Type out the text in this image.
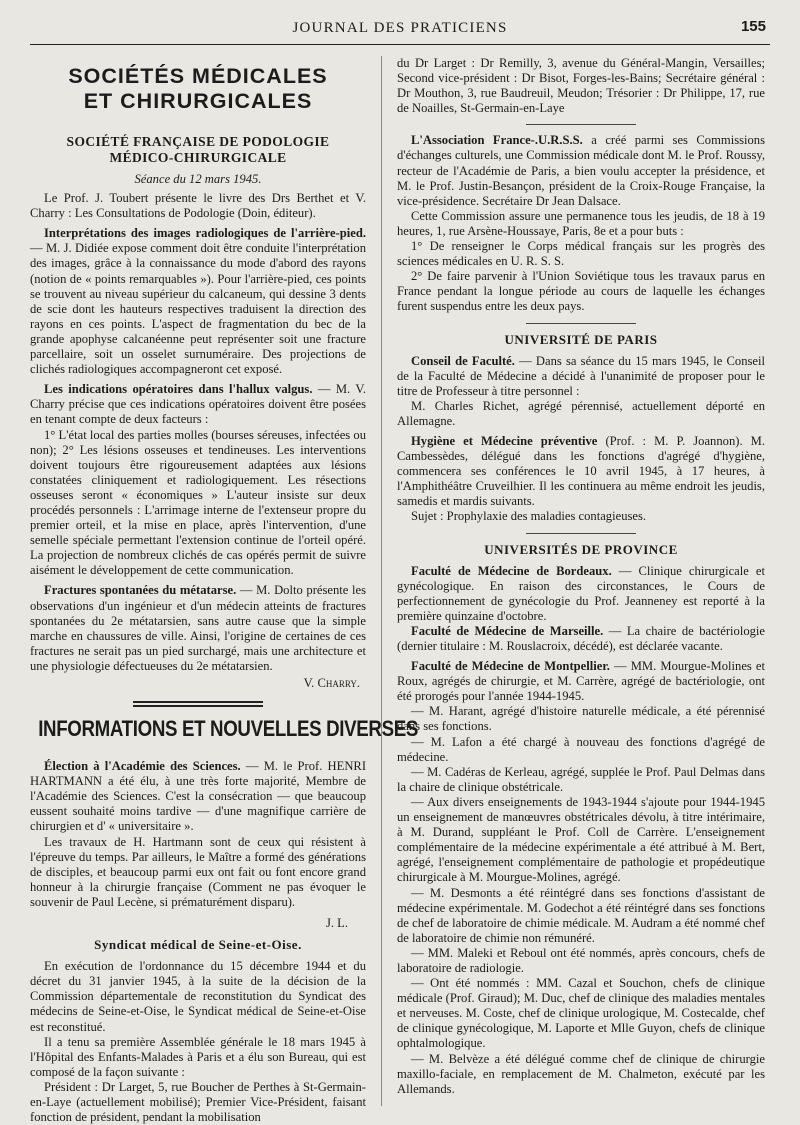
JOURNAL DES PRATICIENS	155
SOCIÉTÉS MÉDICALES
ET CHIRURGICALES
SOCIÉTÉ FRANÇAISE DE PODOLOGIE
MÉDICO-CHIRURGICALE
Séance du 12 mars 1945.

Le Prof. J. Toubert présente le livre des Drs Berthet et V. Charry : Les Consultations de Podologie (Doin, éditeur).

Interprétations des images radiologiques de l'arrière-pied. — M. J. Didiée expose comment doit être conduite l'interprétation des images, grâce à la connaissance du mode d'abord des rayons (notion de « points remarquables »). Pour l'arrière-pied, ces points se trouvent au niveau supérieur du calcaneum, qui dessine 3 dents de scie dont les hauteurs respectives traduisent la direction des rayons en ces points. L'aspect de fragmentation du bec de la grande apophyse calcanéenne peut représenter soit une fracture parcellaire, soit un osselet surnuméraire. Des projections de clichés radiologiques accompagneront cet exposé.

Les indications opératoires dans l'hallux valgus. — M. V. Charry précise que ces indications opératoires doivent être posées en tenant compte de deux facteurs :

1° L'état local des parties molles (bourses séreuses, infectées ou non); 2° Les lésions osseuses et tendineuses. Les interventions doivent toujours être rigoureusement adaptées aux lésions constatées cliniquement et radiologiquement. Les résections osseuses seront « économiques » L'auteur insiste sur deux procédés personnels : L'arrimage interne de l'extenseur propre du premier orteil, et la mise en place, après l'intervention, d'une semelle spéciale permettant l'extension continue de l'orteil opéré. La projection de nombreux clichés de cas opérés permit de suivre aisément le développement de cette communication.

Fractures spontanées du métatarse. — M. Dolto présente les observations d'un ingénieur et d'un médecin atteints de fractures spontanées du 2e métatarsien, sans autre cause que la simple marche en chaussures de ville. Ainsi, l'origine de certaines de ces fractures ne serait pas un pied surchargé, mais une architecture et une physiologie défectueuses du 2e métatarsien.

V. Charry.
INFORMATIONS ET NOUVELLES DIVERSES

Élection à l'Académie des Sciences. — M. le Prof. HENRI HARTMANN a été élu, à une très forte majorité, Membre de l'Académie des Sciences. C'est la consécration — que beaucoup eussent souhaité moins tardive — d'une magnifique carrière de chirurgien et d' « universitaire ».

Les travaux de H. Hartmann sont de ceux qui résistent à l'épreuve du temps. Par ailleurs, le Maître a formé des générations de disciples, et beaucoup parmi eux ont fait ou font encore grand honneur à la chirurgie française (Comment ne pas évoquer le souvenir de Paul Lecène, si prématurément disparu).

J. L.
Syndicat médical de Seine-et-Oise.

En exécution de l'ordonnance du 15 décembre 1944 et du décret du 31 janvier 1945, à la suite de la décision de la Commission départementale de reconstitution du Syndicat des médecins de Seine-et-Oise, le Syndicat médical de Seine-et-Oise est reconstitué.

Il a tenu sa première Assemblée générale le 18 mars 1945 à l'Hôpital des Enfants-Malades à Paris et a élu son Bureau, qui est composé de la façon suivante :

Président : Dr Larget, 5, rue Boucher de Perthes à St-Germain-en-Laye (actuellement mobilisé); Premier Vice-Président, faisant fonction de président, pendant la mobilisation

du Dr Larget : Dr Remilly, 3, avenue du Général-Mangin, Versailles; Second vice-président : Dr Bisot, Forges-les-Bains; Secrétaire général : Dr Mouthon, 3, rue Baudreuil, Meudon; Trésorier : Dr Philippe, 17, rue de Noailles, St-Germain-en-Laye

L'Association France-.U.R.S.S. a créé parmi ses Commissions d'échanges culturels, une Commission médicale dont M. le Prof. Roussy, recteur de l'Académie de Paris, a bien voulu accepter la présidence, et M. le Prof. Justin-Besançon, président de la Croix-Rouge Française, la vice-présidence. Secrétaire Dr Jean Dalsace.

Cette Commission assure une permanence tous les jeudis, de 18 à 19 heures, 1, rue Arsène-Houssaye, Paris, 8e et a pour buts :

1° De renseigner le Corps médical français sur les progrès des sciences médicales en U. R. S. S.

2° De faire parvenir à l'Union Soviétique tous les travaux parus en France pendant la longue période au cours de laquelle les échanges furent suspendus entre les deux pays.

UNIVERSITÉ DE PARIS

Conseil de Faculté. — Dans sa séance du 15 mars 1945, le Conseil de la Faculté de Médecine a décidé à l'unanimité de proposer pour le titre de Professeur à titre personnel :

M. Charles Richet, agrégé pérennisé, actuellement déporté en Allemagne.

Hygiène et Médecine préventive (Prof. : M. P. Joannon). M. Cambessèdes, délégué dans les fonctions d'agrégé d'hygiène, commencera ses conférences le 10 avril 1945, à 17 heures, à l'Amphithéâtre Cruveilhier. Il les continuera au même endroit les jeudis, samedis et mardis suivants.

Sujet : Prophylaxie des maladies contagieuses.

UNIVERSITÉS DE PROVINCE

Faculté de Médecine de Bordeaux. — Clinique chirurgicale et gynécologique. En raison des circonstances, le Cours de perfectionnement de gynécologie du Prof. Jeanneney est reporté à la première quinzaine d'octobre.

Faculté de Médecine de Marseille. — La chaire de bactériologie (dernier titulaire : M. Rouslacroix, décédé), est déclarée vacante.

Faculté de Médecine de Montpellier. — MM. Mourgue-Molines et Roux, agrégés de chirurgie, et M. Carrère, agrégé de bactériologie, ont été prorogés pour l'année 1944-1945.

— M. Harant, agrégé d'histoire naturelle médicale, a été pérennisé dans ses fonctions.

— M. Lafon a été chargé à nouveau des fonctions d'agrégé de médecine.

— M. Cadéras de Kerleau, agrégé, supplée le Prof. Paul Delmas dans la chaire de clinique obstétricale.

— Aux divers enseignements de 1943-1944 s'ajoute pour 1944-1945 un enseignement de manœuvres obstétricales dévolu, à titre intérimaire, à M. Durand, suppléant le Prof. Coll de Carrère. L'enseignement complémentaire de la médecine expérimentale a été attribué à M. Bert, agrégé, l'enseignement complémentaire de pathologie et propédeutique chirurgicale à M. Mourgue-Molines, agrégé.

— M. Desmonts a été réintégré dans ses fonctions d'assistant de médecine expérimentale. M. Godechot a été réintégré dans ses fonctions de chef de laboratoire de chimie médicale. M. Audram a été nommé chef de laboratoire de chimie non rémunéré.

— MM. Maleki et Reboul ont été nommés, après concours, chefs de laboratoire de radiologie.

— Ont été nommés : MM. Cazal et Souchon, chefs de clinique médicale (Prof. Giraud); M. Duc, chef de clinique des maladies mentales et nerveuses. M. Coste, chef de clinique urologique, M. Costecalde, chef de clinique gynécologique, M. Laporte et Mlle Guyon, chefs de clinique ophtalmologique.

— M. Belvèze a été délégué comme chef de clinique de chirurgie maxillo-faciale, en remplacement de M. Chalmeton, exécuté par les Allemands.
